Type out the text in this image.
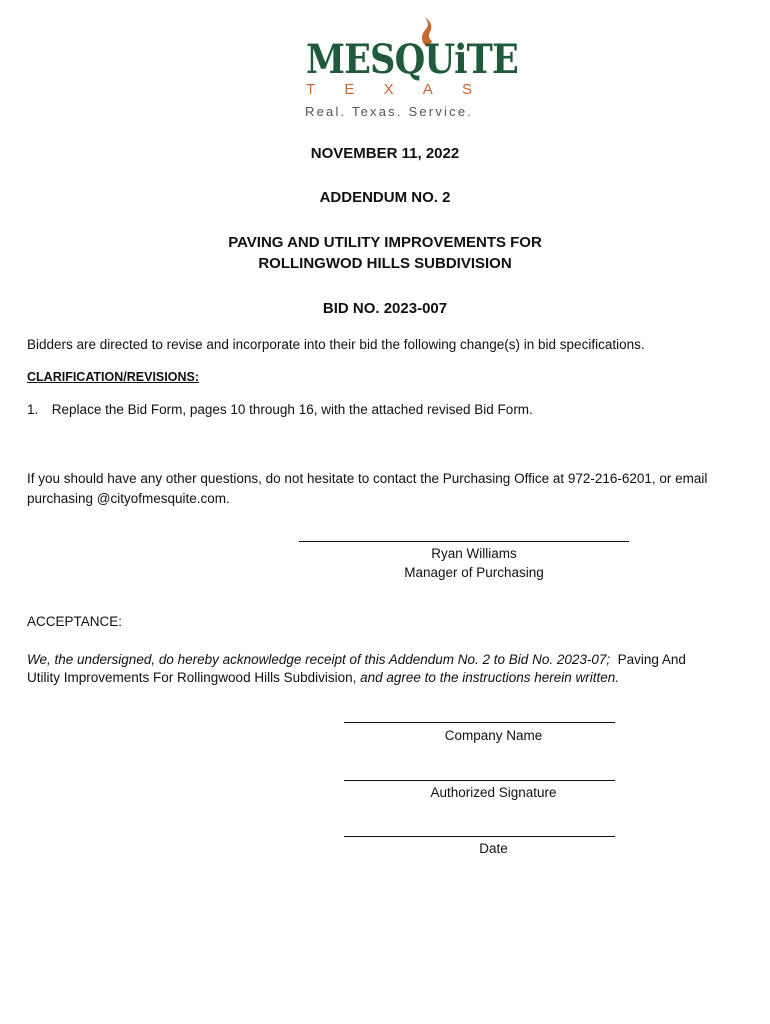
MESQUiTE
T E X A S
Real. Texas. Service.
NOVEMBER 11, 2022
ADDENDUM NO. 2
PAVING AND UTILITY IMPROVEMENTS FOR
ROLLINGWOD HILLS SUBDIVISION
BID NO. 2023-007
Bidders are directed to revise and incorporate into their bid the following change(s) in bid specifications.
CLARIFICATION/REVISIONS:
1. Replace the Bid Form, pages 10 through 16, with the attached revised Bid Form.
If you should have any other questions, do not hesitate to contact the Purchasing Office at 972-216-6201, or email
purchasing @cityofmesquite.com.
Ryan Williams
Manager of Purchasing
ACCEPTANCE:
We, the undersigned, do hereby acknowledge receipt of this Addendum No. 2 to Bid No. 2023-07;  Paving And
Utility Improvements For Rollingwood Hills Subdivision, and agree to the instructions herein written.
Company Name
Authorized Signature
Date
